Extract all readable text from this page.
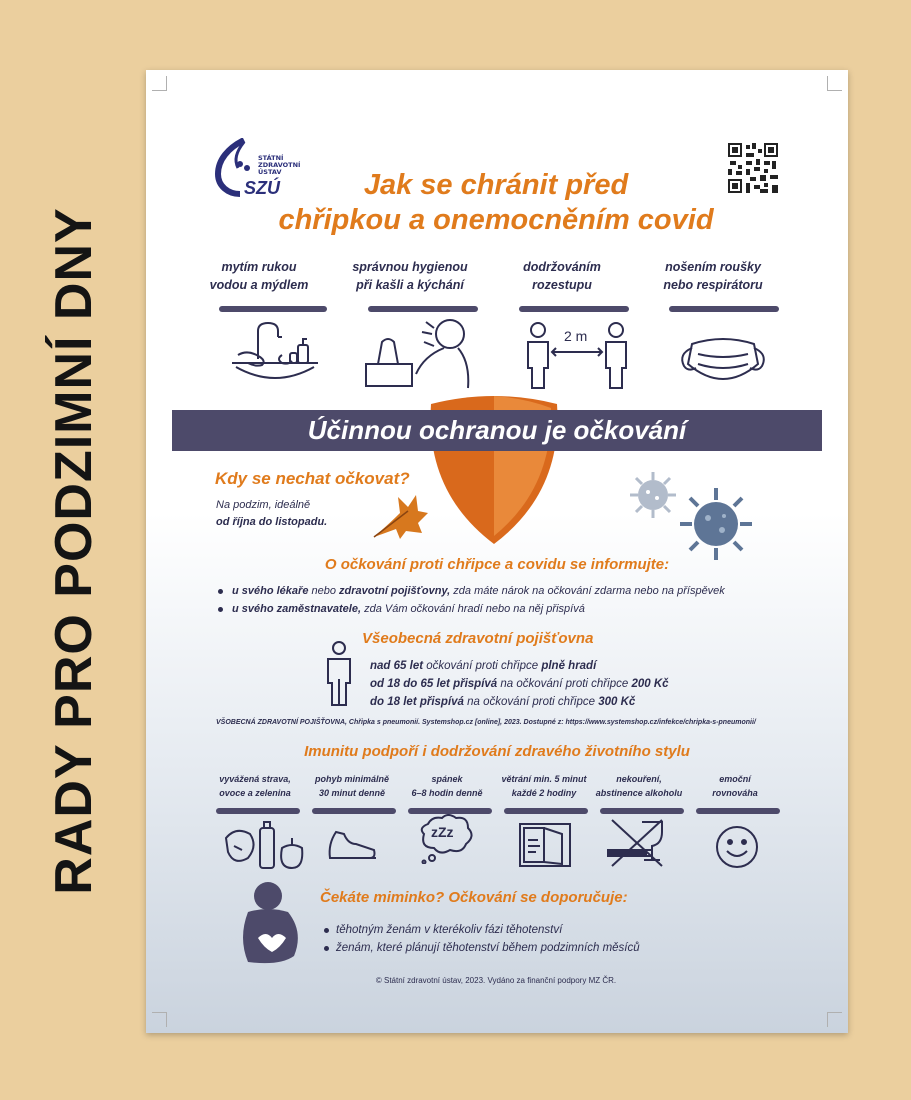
RADY PRO PODZIMNÍ DNY
STÁTNÍ
ZDRAVOTNÍ
ÚSTAV
SZÚ	Jak se chránit před
chřipkou a onemocněním covid
mytím rukou
vodou a mýdlem
správnou hygienou
při kašli a kýchání
dodržováním
rozestupu
nošením roušky
nebo respirátoru
2 m
Účinnou ochranou je očkování
Kdy se nechat očkovat?
Na podzim, ideálně
od října do listopadu.
O očkování proti chřipce a covidu se informujte:
u svého lékaře nebo zdravotní pojišťovny, zda máte nárok na očkování zdarma nebo na příspěvek
u svého zaměstnavatele, zda Vám očkování hradí nebo na něj přispívá
Všeobecná zdravotní pojišťovna
nad 65 let očkování proti chřipce plně hradí
od 18 do 65 let přispívá na očkování proti chřipce 200 Kč
do 18 let přispívá na očkování proti chřipce 300 Kč
VŠOBECNÁ ZDRAVOTNÍ POJIŠŤOVNA, Chřipka s pneumonií. Systemshop.cz [online], 2023. Dostupné z: https://www.systemshop.cz/infekce/chripka-s-pneumonii/
Imunitu podpoří i dodržování zdravého životního stylu
vyvážená strava,
ovoce a zelenina
pohyb minimálně
30 minut denně
spánek
6–8 hodin denně
větrání min. 5 minut
každé 2 hodiny
nekouření,
abstinence alkoholu
emoční
rovnováha
zZz
Čekáte miminko? Očkování se doporučuje:
těhotným ženám v kterékoliv fázi těhotenství
ženám, které plánují těhotenství během podzimních měsíců
© Státní zdravotní ústav, 2023. Vydáno za finanční podpory MZ ČR.
